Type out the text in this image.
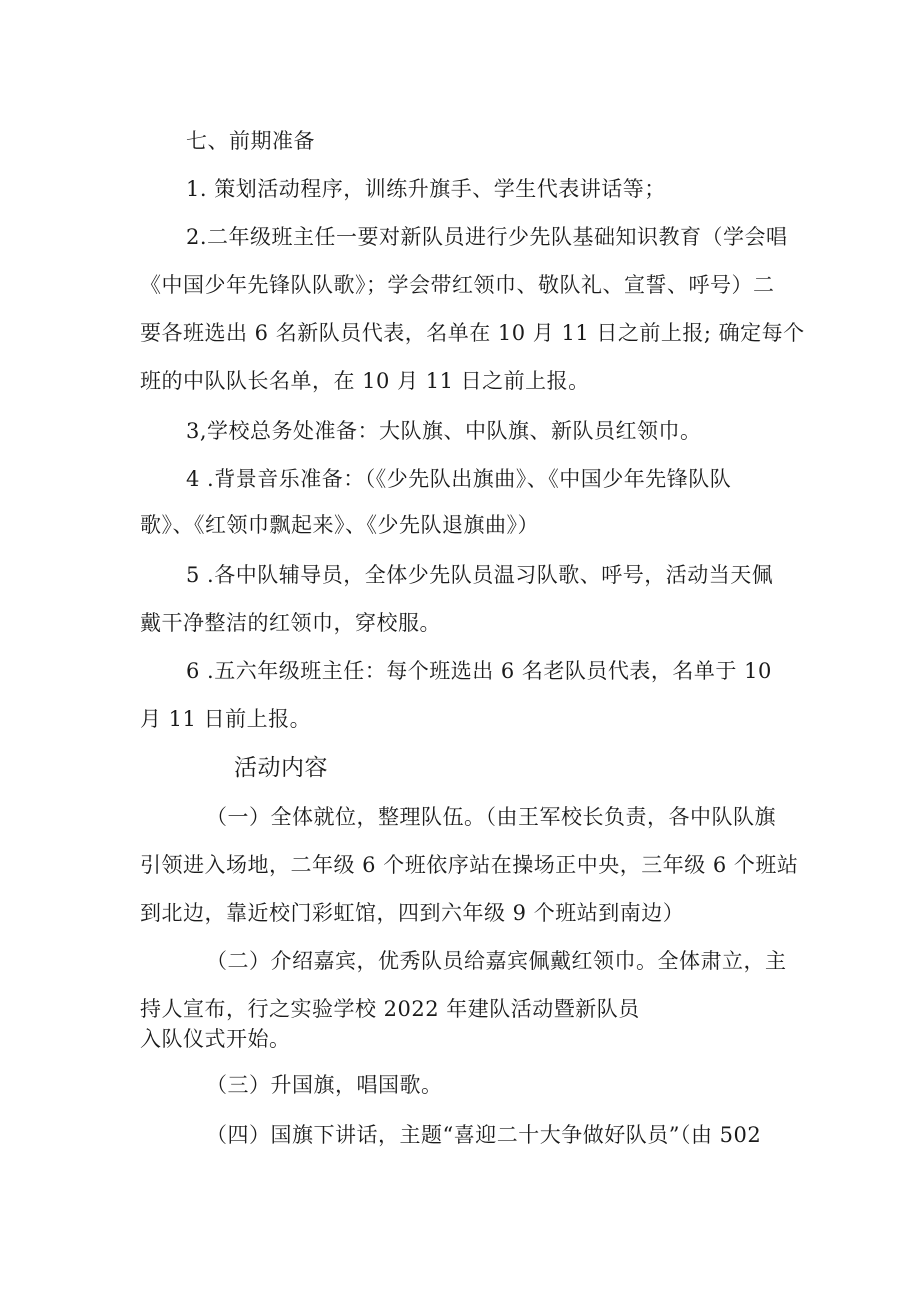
七、前期准备
1. 策划活动程序，训练升旗手、学生代表讲话等；
2.二年级班主任一要对新队员进行少先队基础知识教育（学会唱
《中国少年先锋队队歌》；学会带红领巾、敬队礼、宣誓、呼号）二
要各班选出 6 名新队员代表，名单在 10 月 11 日之前上报; 确定每个
班的中队队长名单，在 10 月 11 日之前上报。
3,学校总务处准备：大队旗、中队旗、新队员红领巾。
4 .背景音乐准备：（《少先队出旗曲》、《中国少年先锋队队
歌》、《红领巾飘起来》、《少先队退旗曲》）
5 .各中队辅导员，全体少先队员温习队歌、呼号，活动当天佩
戴干净整洁的红领巾，穿校服。
6 .五六年级班主任：每个班选出 6 名老队员代表，名单于 10
月 11 日前上报。
活动内容
（一）全体就位，整理队伍。（由王军校长负责，各中队队旗
引领进入场地，二年级 6 个班依序站在操场正中央，三年级 6 个班站
到北边，靠近校门彩虹馆，四到六年级 9 个班站到南边）
（二）介绍嘉宾，优秀队员给嘉宾佩戴红领巾。全体肃立，主
持人宣布，行之实验学校 2022 年建队活动暨新队员
入队仪式开始。
（三）升国旗，唱国歌。
（四）国旗下讲话，主题“喜迎二十大争做好队员”（由 502
